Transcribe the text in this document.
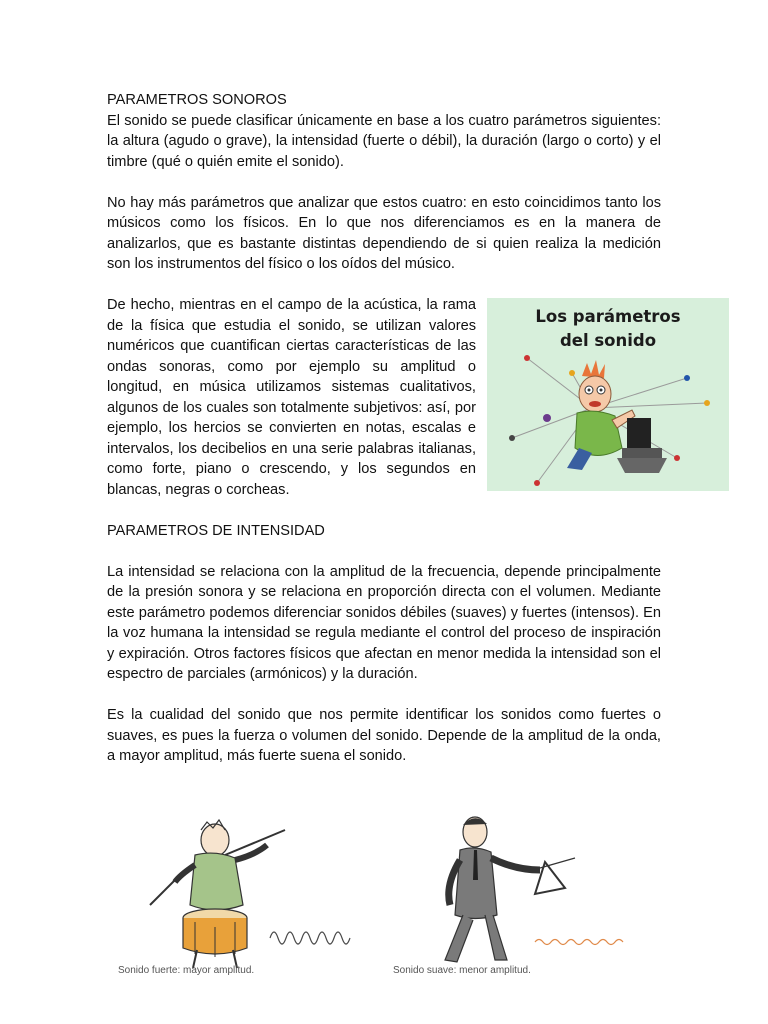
PARAMETROS SONOROS

El sonido se puede clasificar únicamente en base a los cuatro parámetros siguientes: la altura (agudo o grave), la intensidad (fuerte o débil), la duración (largo o corto) y el timbre (qué o quién emite el sonido).

No hay más parámetros que analizar que estos cuatro: en esto coincidimos tanto los músicos como los físicos. En lo que nos diferenciamos es en la manera de analizarlos, que es bastante distintas dependiendo de si quien realiza la medición son los instrumentos del físico o los oídos del músico.

De hecho, mientras en el campo de la acústica, la rama de la física que estudia el sonido, se utilizan valores numéricos que cuantifican ciertas características de las ondas sonoras, como por ejemplo su amplitud o longitud, en música utilizamos sistemas cualitativos, algunos de los cuales son totalmente subjetivos: así, por ejemplo, los hercios se convierten en notas, escalas e intervalos, los decibelios en una serie palabras italianas, como forte, piano o crescendo, y los segundos en blancas, negras o corcheas.

PARAMETROS DE INTENSIDAD

La intensidad se relaciona con la amplitud de la frecuencia, depende principalmente de la presión sonora y se relaciona en proporción directa con el volumen. Mediante este parámetro podemos diferenciar sonidos débiles (suaves) y fuertes (intensos). En la voz humana la intensidad se regula mediante el control del proceso de inspiración y expiración. Otros factores físicos que afectan en menor medida la intensidad son el espectro de parciales (armónicos) y la duración.

Es la cualidad del sonido que nos permite identificar los sonidos como fuertes o suaves, es pues la fuerza o volumen del sonido. Depende de la amplitud de la onda, a mayor amplitud, más fuerte suena el sonido.

Los parámetros
del sonido
Sonido fuerte: mayor amplitud.	Sonido suave: menor amplitud.
